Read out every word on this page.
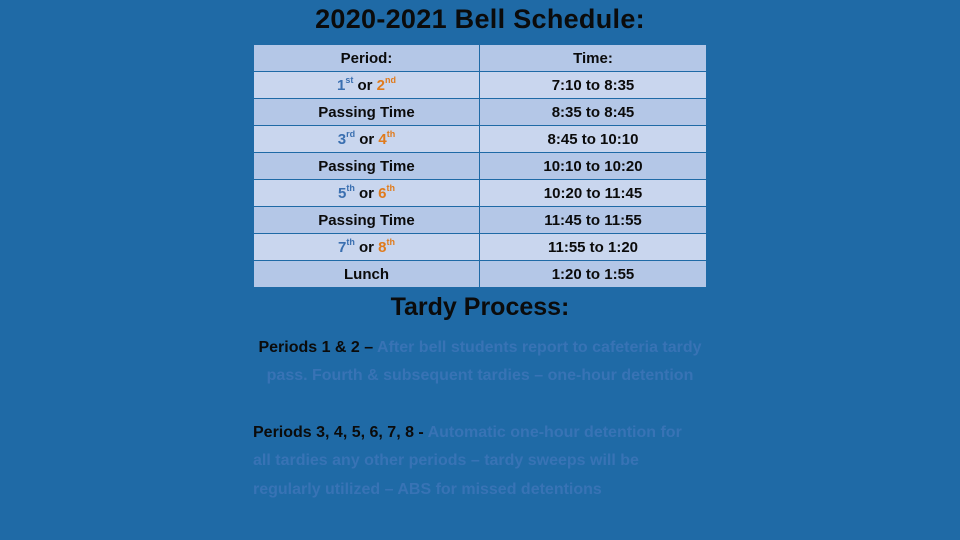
2020-2021 Bell Schedule:
Period:	Time:
1st or 2nd	7:10 to 8:35
Passing Time	8:35 to 8:45
3rd or 4th	8:45 to 10:10
Passing Time	10:10 to 10:20
5th or 6th	10:20 to 11:45
Passing Time	11:45 to 11:55
7th or 8th	11:55 to 1:20
Lunch	1:20 to 1:55
Tardy Process:
Periods 1 & 2 – After bell students report to cafeteria tardy pass. Fourth & subsequent tardies – one-hour detention
Periods 3, 4, 5, 6, 7, 8 - Automatic one-hour detention for all tardies any other periods – tardy sweeps will be regularly utilized – ABS for missed detentions
